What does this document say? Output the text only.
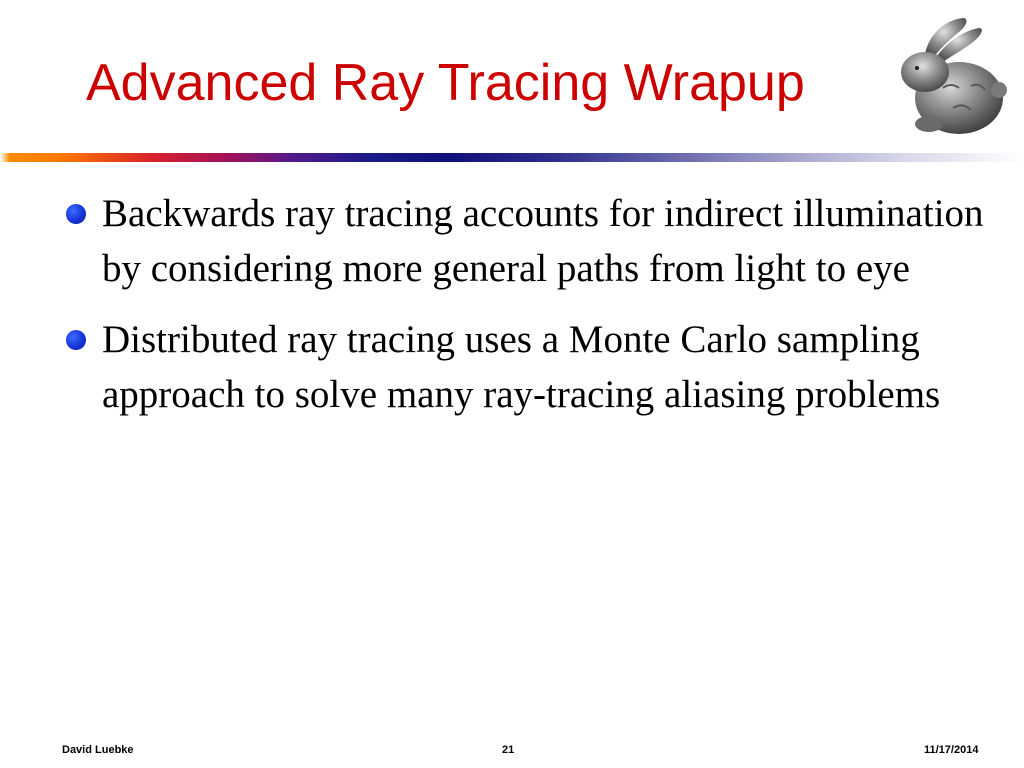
Advanced Ray Tracing Wrapup
Backwards ray tracing accounts for indirect illumination by considering more general paths from light to eye
Distributed ray tracing uses a Monte Carlo sampling approach to solve many ray-tracing aliasing problems
David Luebke	21	11/17/2014
